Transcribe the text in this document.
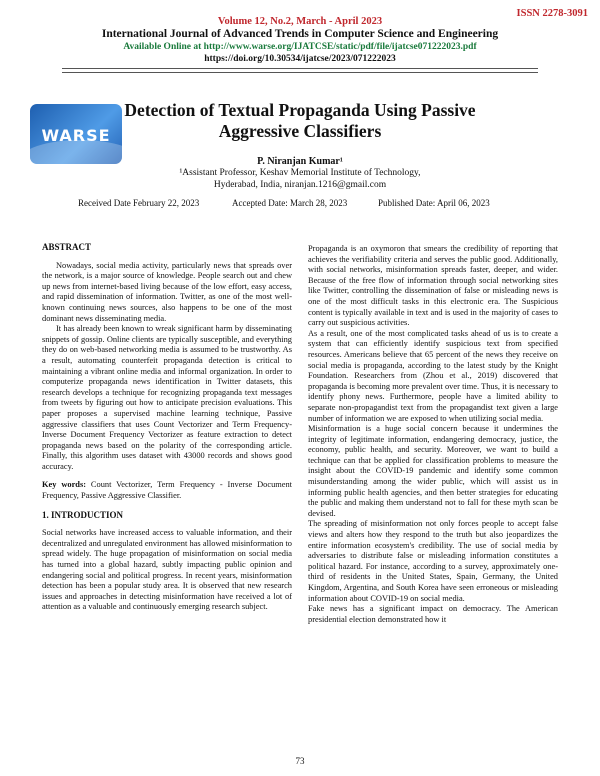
ISSN 2278-3091
Volume 12, No.2, March - April 2023
International Journal of Advanced Trends in Computer Science and Engineering
Available Online at http://www.warse.org/IJATCSE/static/pdf/file/ijatcse071222023.pdf
https://doi.org/10.30534/ijatcse/2023/071222023
WARSE
Detection of Textual Propaganda Using Passive
Aggressive Classifiers
P. Niranjan Kumar¹
¹Assistant Professor, Keshav Memorial Institute of Technology,
Hyderabad, India, niranjan.1216@gmail.com
Received Date February 22, 2023	Accepted Date: March 28, 2023	Published Date: April 06, 2023

ABSTRACT

Nowadays, social media activity, particularly news that spreads over the network, is a major source of knowledge. People search out and chew up news from internet-based living because of the low effort, easy access, and rapid dissemination of information. Twitter, as one of the most well-known continuing news sources, also happens to be one of the most dominant news disseminating media.

It has already been known to wreak significant harm by disseminating snippets of gossip. Online clients are typically susceptible, and everything they do on web-based networking media is assumed to be trustworthy. As a result, automating counterfeit propaganda detection is critical to maintaining a vibrant online media and informal organization. In order to computerize propaganda news identification in Twitter datasets, this research develops a technique for recognizing propaganda text messages from tweets by figuring out how to anticipate precision evaluations. This paper proposes a supervised machine learning technique, Passive aggressive classifiers that uses Count Vectorizer and Term Frequency-Inverse Document Frequency Vectorizer as feature extraction to detect propaganda news based on the polarity of the corresponding article. Finally, this algorithm uses dataset with 43000 records and shows good accuracy.

Key words: Count Vectorizer, Term Frequency - Inverse Document Frequency, Passive Aggressive Classifier.

1. INTRODUCTION

Social networks have increased access to valuable information, and their decentralized and unregulated environment has allowed misinformation to spread widely. The huge propagation of misinformation on social media has turned into a global hazard, subtly impacting public opinion and endangering social and political progress. In recent years, misinformation detection has been a popular study area. It is observed that new research issues and approaches in detecting misinformation have received a lot of attention as a valuable and continuously emerging research subject.

Propaganda is an oxymoron that smears the credibility of reporting that achieves the verifiability criteria and serves the public good. Additionally, with social networks, misinformation spreads faster, deeper, and wider. Because of the free flow of information through social networking sites like Twitter, controlling the dissemination of false or misleading news is one of the most difficult tasks in this electronic era. The Suspicious content is typically available in text and is used in the majority of cases to carry out suspicious activities.

As a result, one of the most complicated tasks ahead of us is to create a system that can efficiently identify suspicious text from specified resources. Americans believe that 65 percent of the news they receive on social media is propaganda, according to the latest study by the Knight Foundation. Researchers from (Zhou et al., 2019) discovered that propaganda is becoming more prevalent over time. Thus, it is necessary to identify phony news. Furthermore, people have a limited ability to separate non-propagandist text from the propagandist text given a large number of information we are exposed to when utilizing social media.

Misinformation is a huge social concern because it undermines the integrity of legitimate information, endangering democracy, justice, the economy, public health, and security. Moreover, we want to build a technique can that be applied for classification problems to measure the insight about the COVID-19 pandemic and identify some common misunderstanding among the wider public, which will assist us in informing public health agencies, and then better strategies for educating the public and making them understand not to fall for these myth scan be devised.

The spreading of misinformation not only forces people to accept false views and alters how they respond to the truth but also jeopardizes the entire information ecosystem's credibility. The use of social media by adversaries to distribute false or misleading information constitutes a political hazard. For instance, according to a survey, approximately one-third of residents in the United States, Spain, Germany, the United Kingdom, Argentina, and South Korea have seen erroneous or misleading information about COVID-19 on social media.

Fake news has a significant impact on democracy. The American presidential election demonstrated how it

73
